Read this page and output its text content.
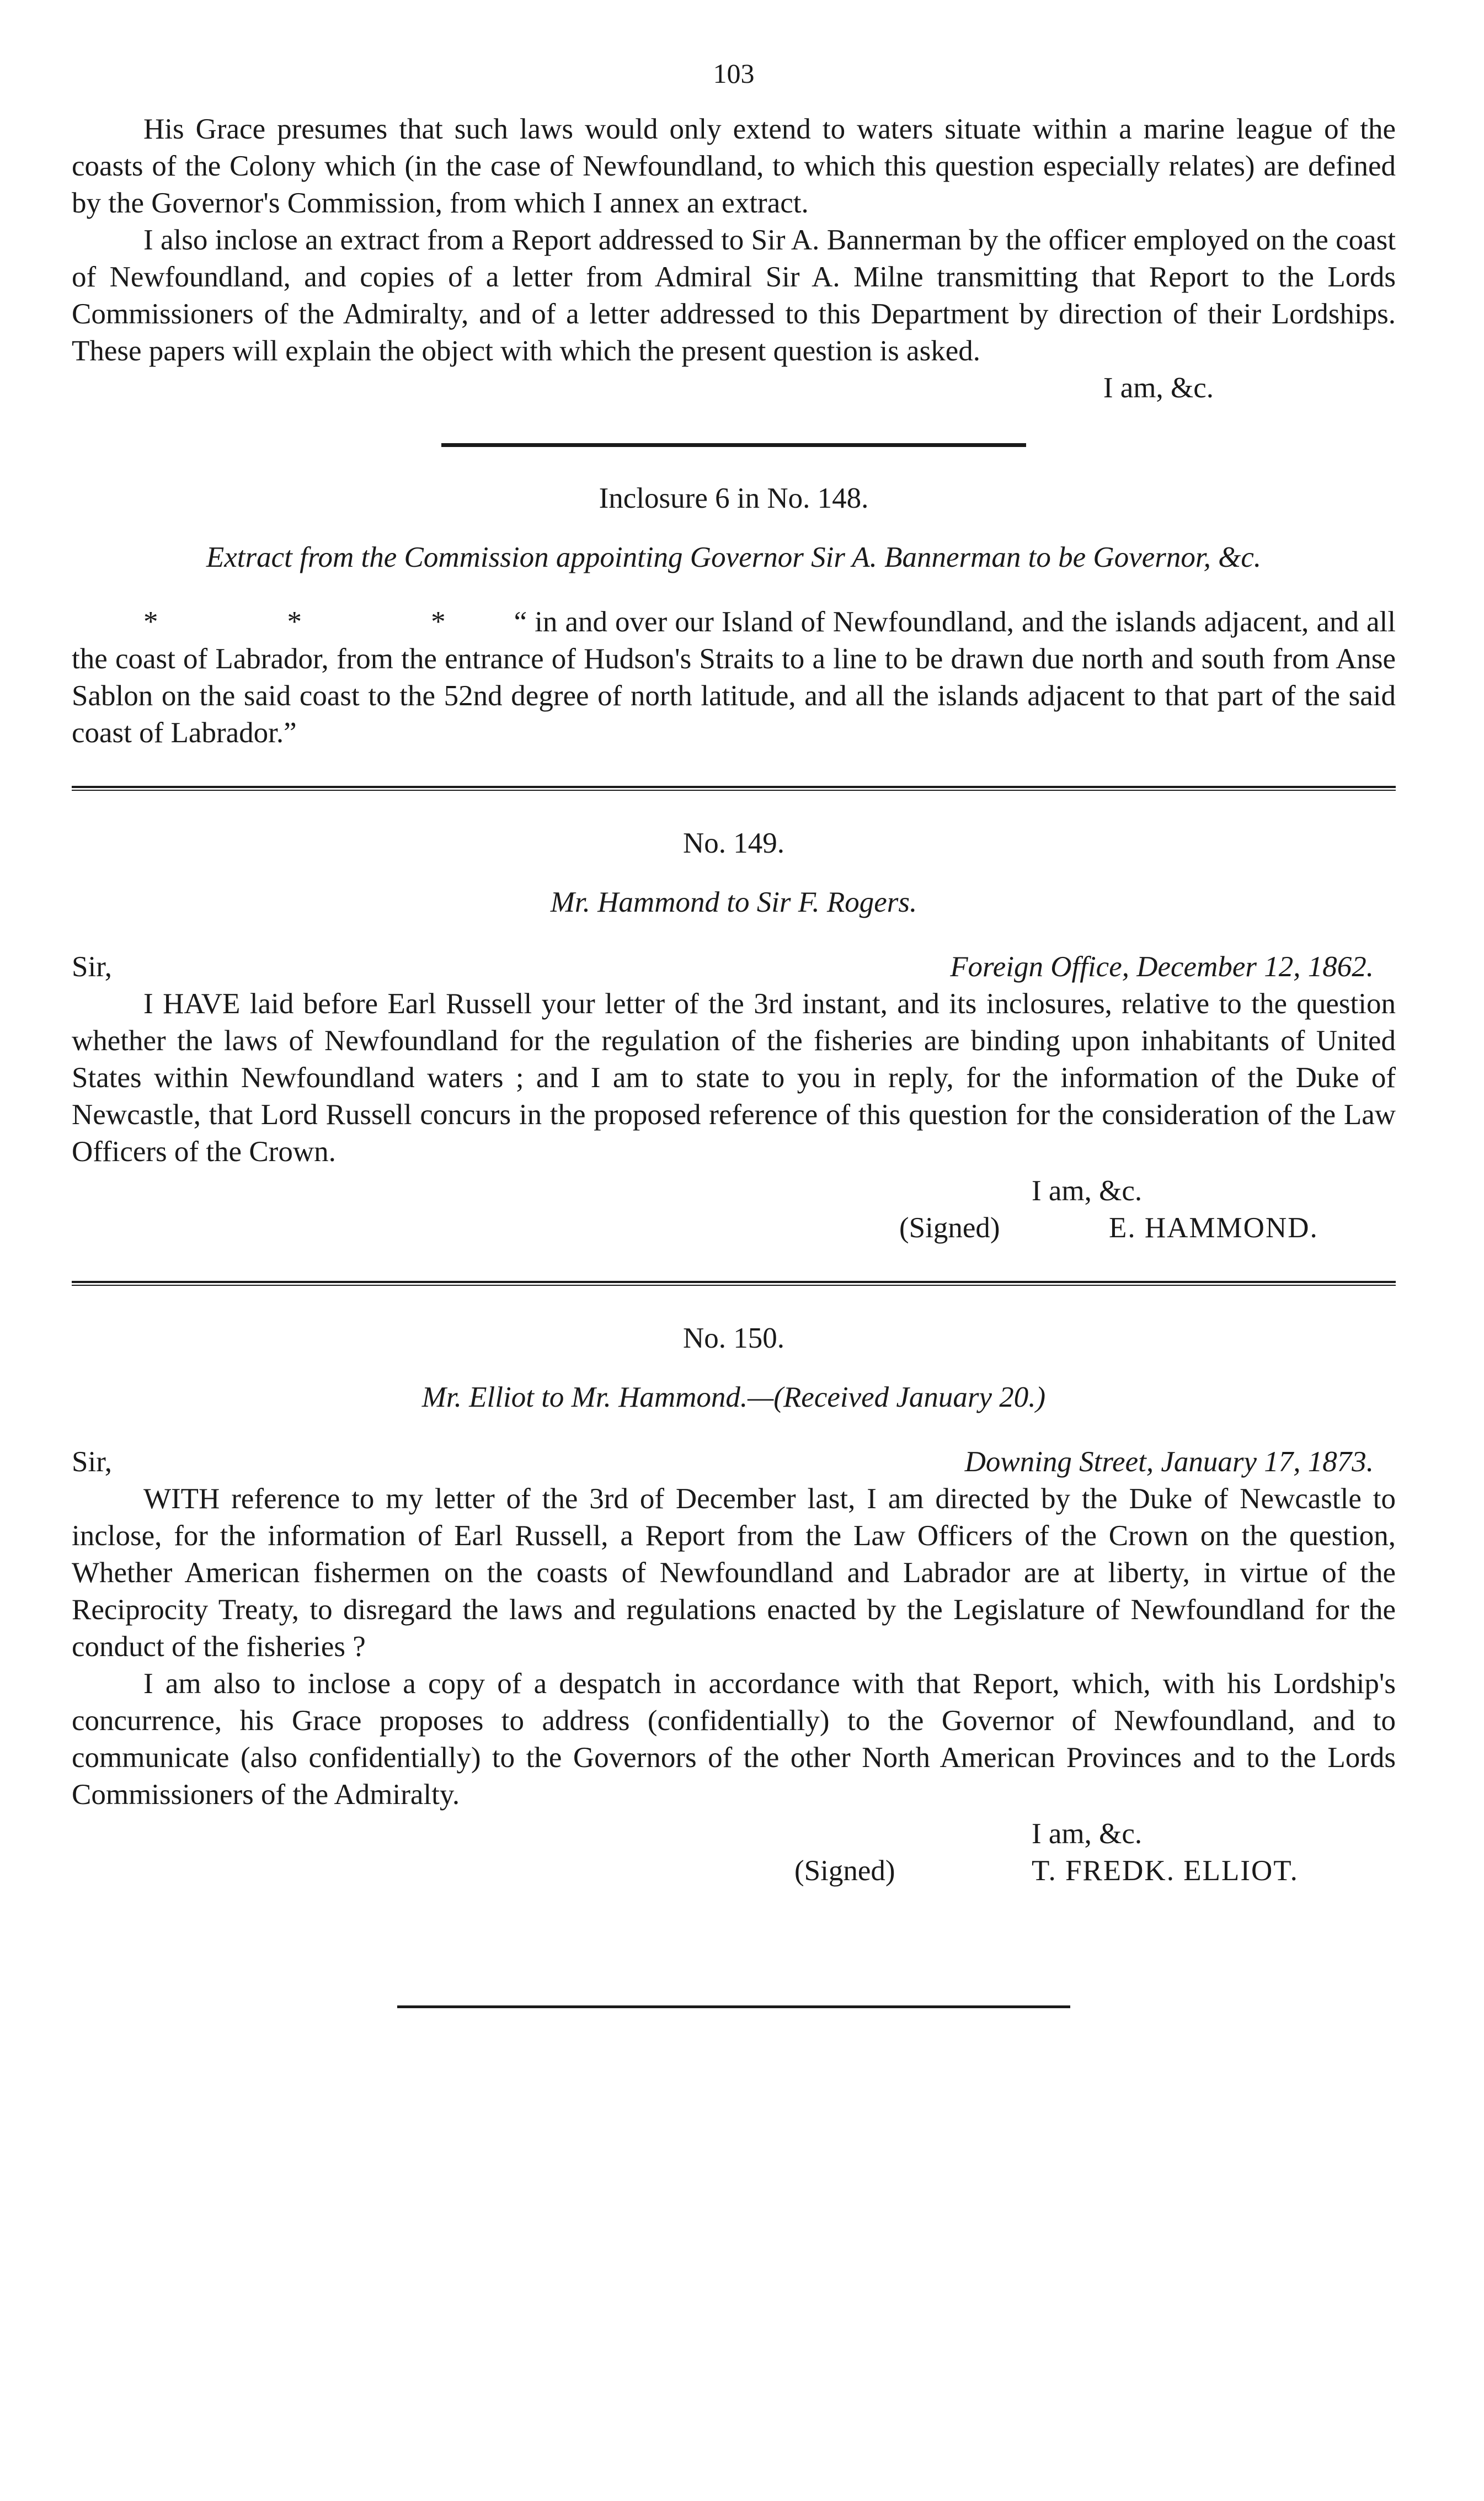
103

His Grace presumes that such laws would only extend to waters situate within a marine league of the coasts of the Colony which (in the case of Newfoundland, to which this question especially relates) are defined by the Governor's Commission, from which I annex an extract.

I also inclose an extract from a Report addressed to Sir A. Bannerman by the officer employed on the coast of Newfoundland, and copies of a letter from Admiral Sir A. Milne transmitting that Report to the Lords Commissioners of the Admiralty, and of a letter addressed to this Department by direction of their Lordships. These papers will explain the object with which the present question is asked.

I am, &c.

Inclosure 6 in No. 148.
Extract from the Commission appointing Governor Sir A. Bannerman to be Governor, &c.

* * * “ in and over our Island of Newfoundland, and the islands adjacent, and all the coast of Labrador, from the entrance of Hudson's Straits to a line to be drawn due north and south from Anse Sablon on the said coast to the 52nd degree of north latitude, and all the islands adjacent to that part of the said coast of Labrador.”

No. 149.
Mr. Hammond to Sir F. Rogers.
Sir,	Foreign Office, December 12, 1862.

I HAVE laid before Earl Russell your letter of the 3rd instant, and its inclosures, relative to the question whether the laws of Newfoundland for the regulation of the fisheries are binding upon inhabitants of United States within Newfoundland waters ; and I am to state to you in reply, for the information of the Duke of Newcastle, that Lord Russell concurs in the proposed reference of this question for the consideration of the Law Officers of the Crown.

I am, &c.
(Signed)	E. HAMMOND.
No. 150.
Mr. Elliot to Mr. Hammond.—(Received January 20.)
Sir,	Downing Street, January 17, 1873.

WITH reference to my letter of the 3rd of December last, I am directed by the Duke of Newcastle to inclose, for the information of Earl Russell, a Report from the Law Officers of the Crown on the question, Whether American fishermen on the coasts of Newfoundland and Labrador are at liberty, in virtue of the Reciprocity Treaty, to disregard the laws and regulations enacted by the Legislature of Newfoundland for the conduct of the fisheries ?

I am also to inclose a copy of a despatch in accordance with that Report, which, with his Lordship's concurrence, his Grace proposes to address (confidentially) to the Governor of Newfoundland, and to communicate (also confidentially) to the Governors of the other North American Provinces and to the Lords Commissioners of the Admiralty.

I am, &c.
(Signed)	T. FREDK. ELLIOT.
